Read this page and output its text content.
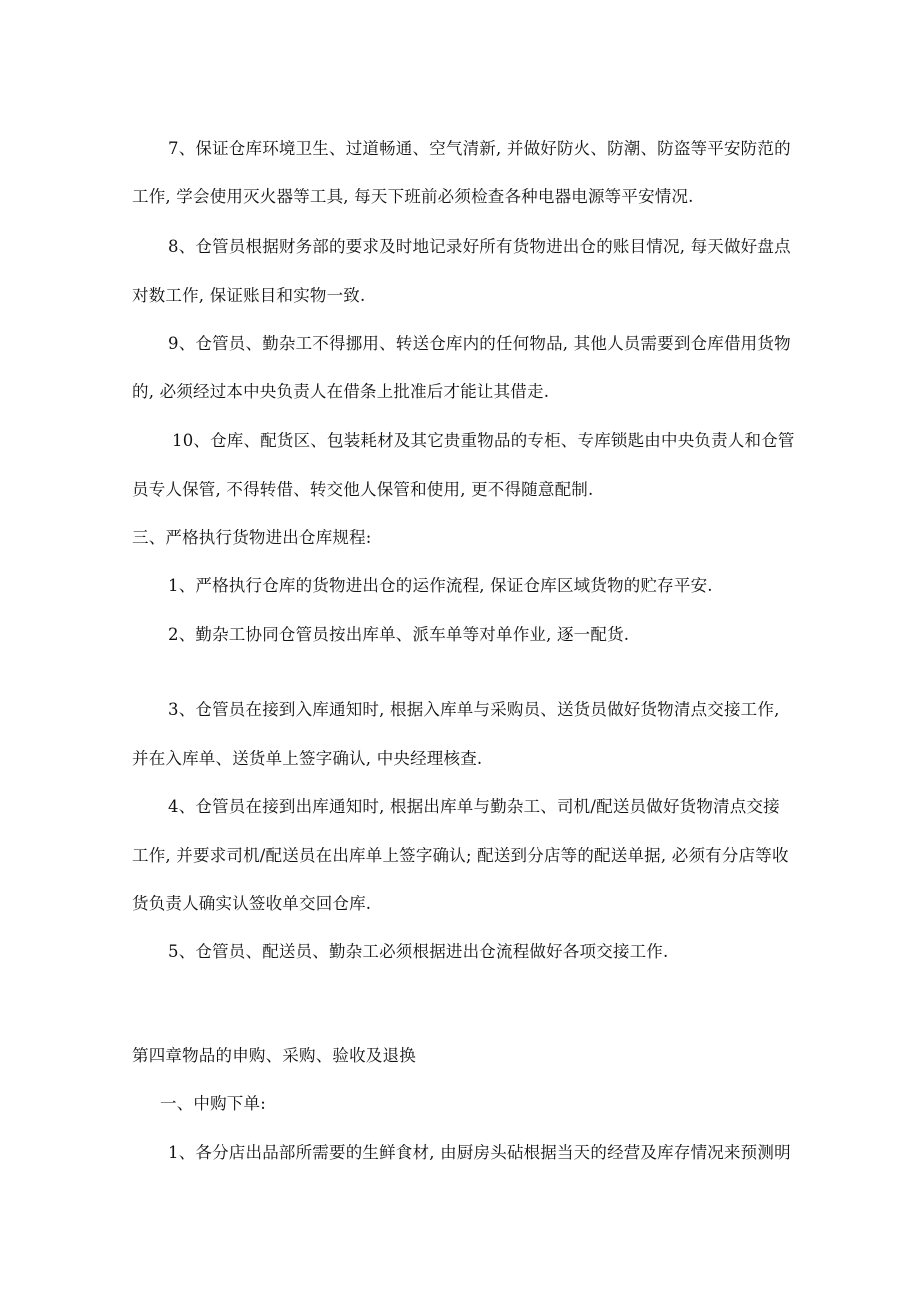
7、保证仓库环境卫生、过道畅通、空气清新, 并做好防火、防潮、防盗等平安防范的
工作, 学会使用灭火器等工具, 每天下班前必须检查各种电器电源等平安情况.
8、仓管员根据财务部的要求及时地记录好所有货物进出仓的账目情况, 每天做好盘点
对数工作, 保证账目和实物一致.
9、仓管员、勤杂工不得挪用、转送仓库内的任何物品, 其他人员需要到仓库借用货物
的, 必须经过本中央负责人在借条上批准后才能让其借走.
10、仓库、配货区、包装耗材及其它贵重物品的专柜、专库锁匙由中央负责人和仓管
员专人保管, 不得转借、转交他人保管和使用, 更不得随意配制.
三、严格执行货物进出仓库规程:
1、严格执行仓库的货物进出仓的运作流程, 保证仓库区域货物的贮存平安.
2、勤杂工协同仓管员按出库单、派车单等对单作业, 逐一配货.
3、仓管员在接到入库通知时, 根据入库单与采购员、送货员做好货物清点交接工作,
并在入库单、送货单上签字确认, 中央经理核查.
4、仓管员在接到出库通知时, 根据出库单与勤杂工、司机/配送员做好货物清点交接
工作, 并要求司机/配送员在出库单上签字确认; 配送到分店等的配送单据, 必须有分店等收
货负责人确实认签收单交回仓库.
5、仓管员、配送员、勤杂工必须根据进出仓流程做好各项交接工作.
第四章物品的申购、采购、验收及退换
一、中购下单:
1、各分店出品部所需要的生鲜食材, 由厨房头砧根据当天的经营及库存情况来预测明
